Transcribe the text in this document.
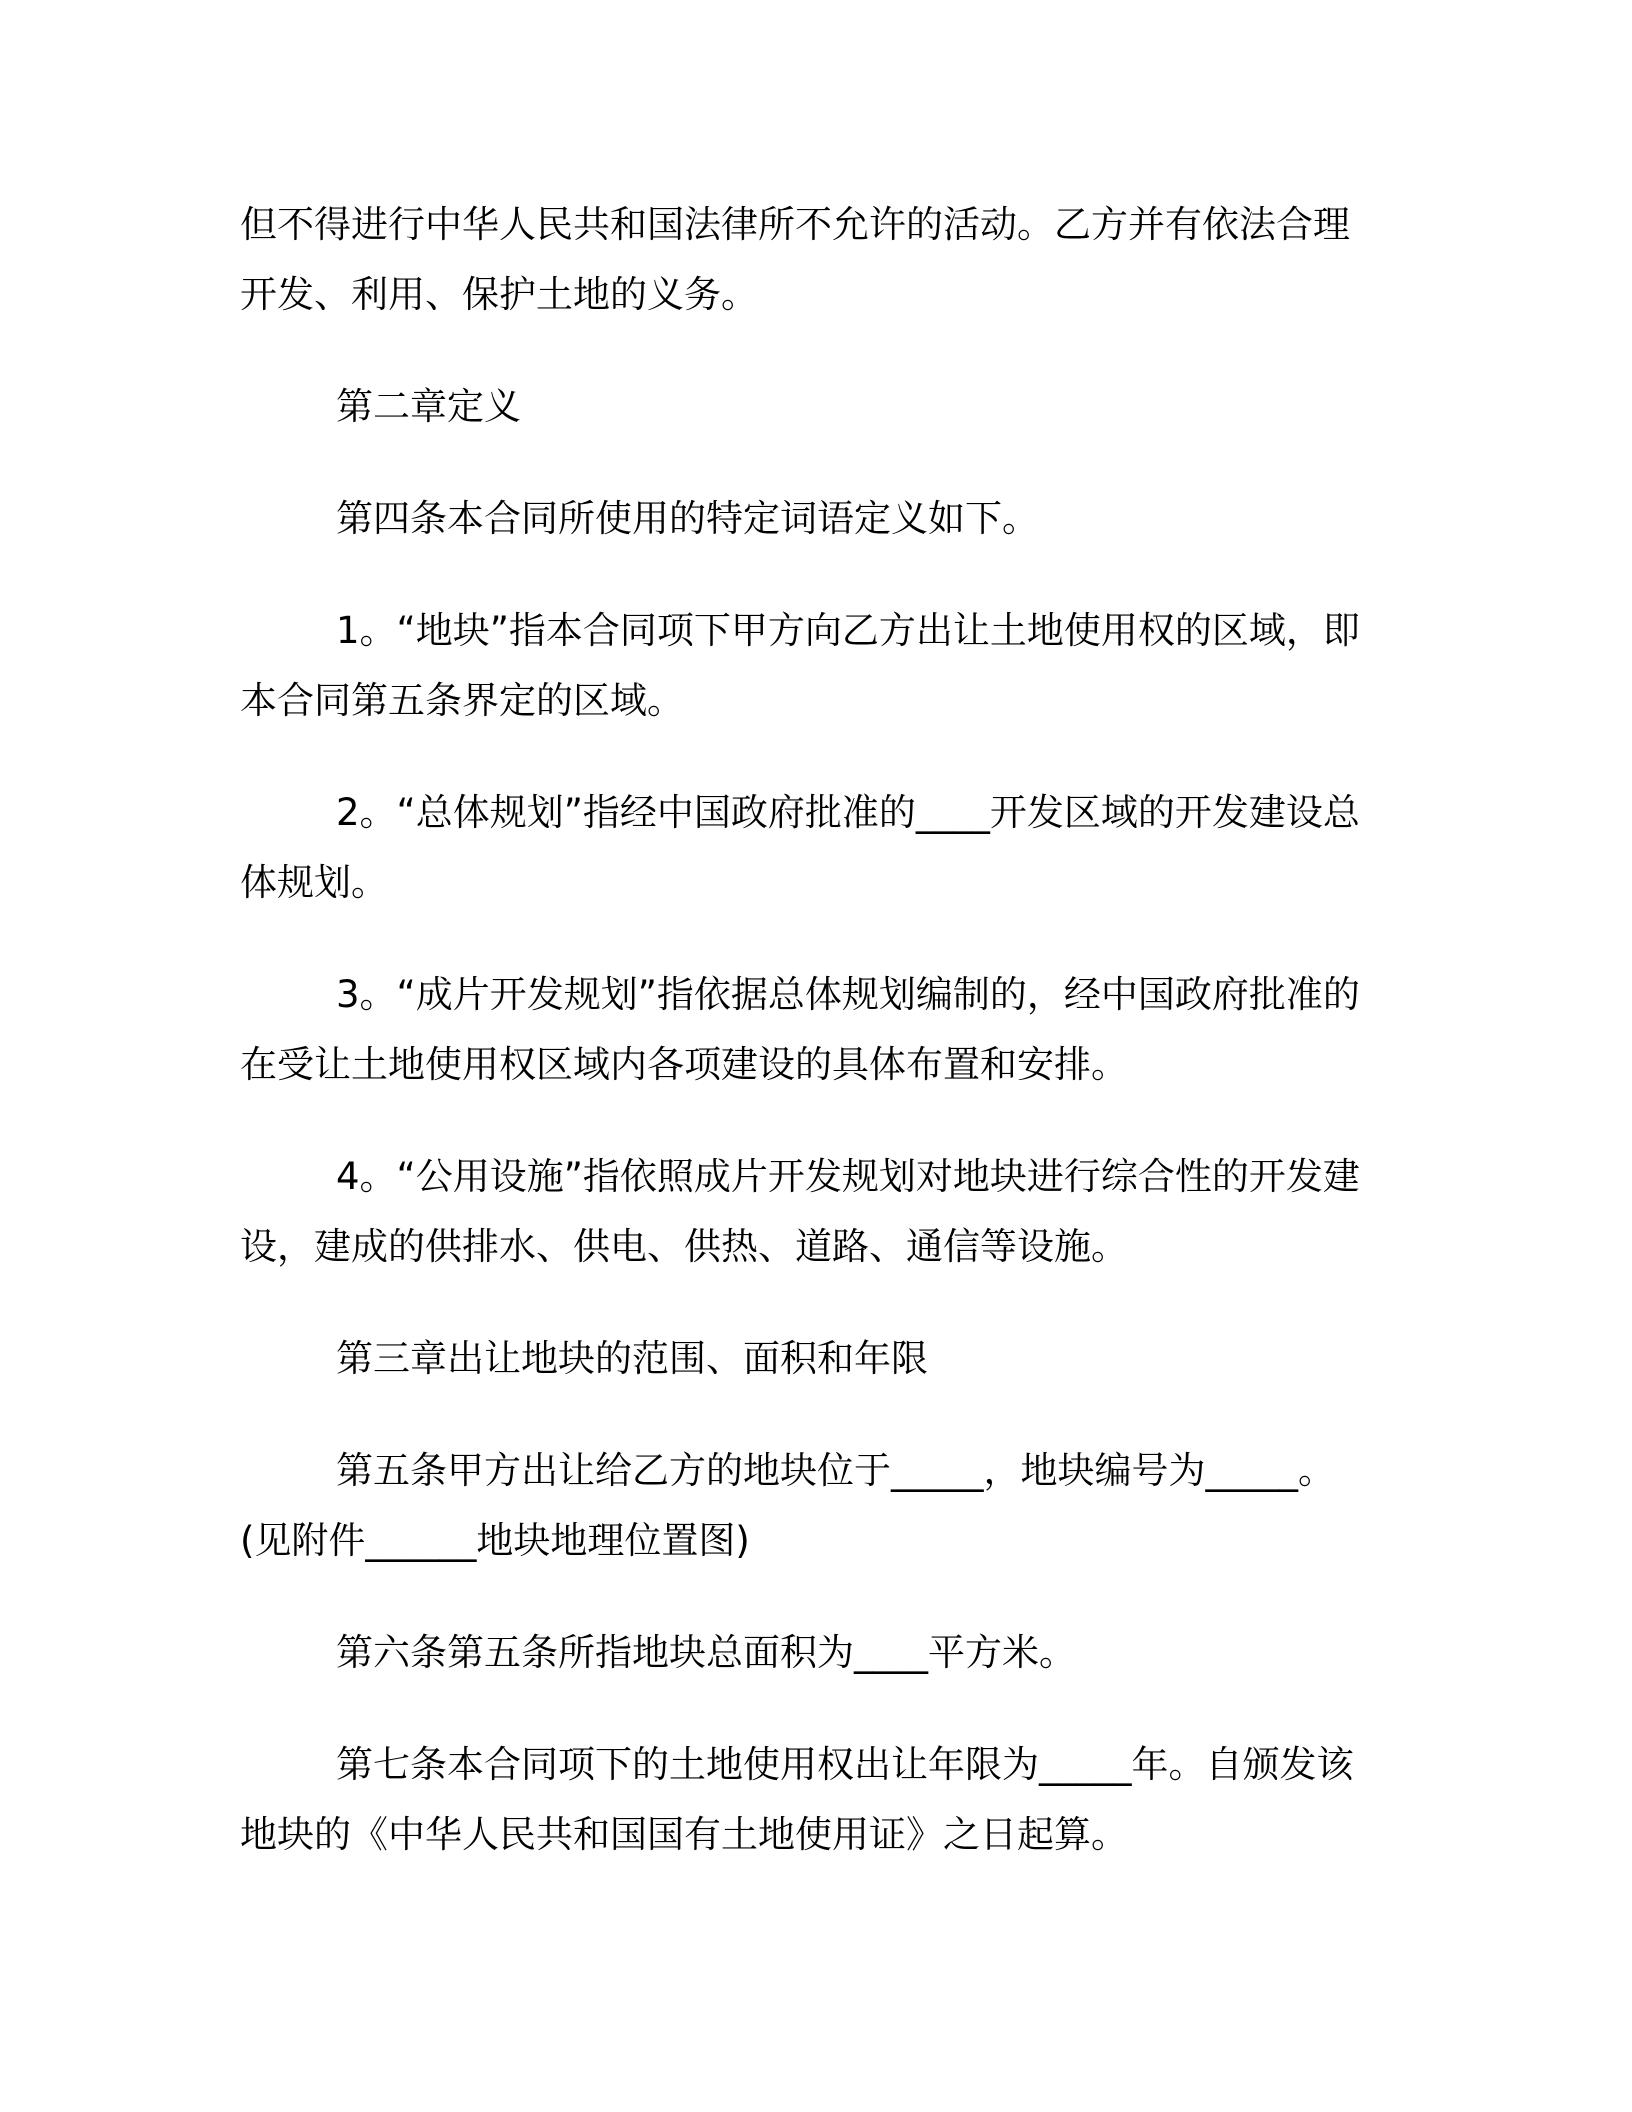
但不得进行中华人民共和国法律所不允许的活动。乙方并有依法合理开发、利用、保护土地的义务。

第二章定义

第四条本合同所使用的特定词语定义如下。

1。“地块”指本合同项下甲方向乙方出让土地使用权的区域，即本合同第五条界定的区域。

2。“总体规划”指经中国政府批准的____开发区域的开发建设总体规划。

3。“成片开发规划”指依据总体规划编制的，经中国政府批准的在受让土地使用权区域内各项建设的具体布置和安排。

4。“公用设施”指依照成片开发规划对地块进行综合性的开发建设，建成的供排水、供电、供热、道路、通信等设施。

第三章出让地块的范围、面积和年限

第五条甲方出让给乙方的地块位于_____，地块编号为_____。(见附件______地块地理位置图)

第六条第五条所指地块总面积为____平方米。

第七条本合同项下的土地使用权出让年限为_____年。自颁发该地块的《中华人民共和国国有土地使用证》之日起算。
